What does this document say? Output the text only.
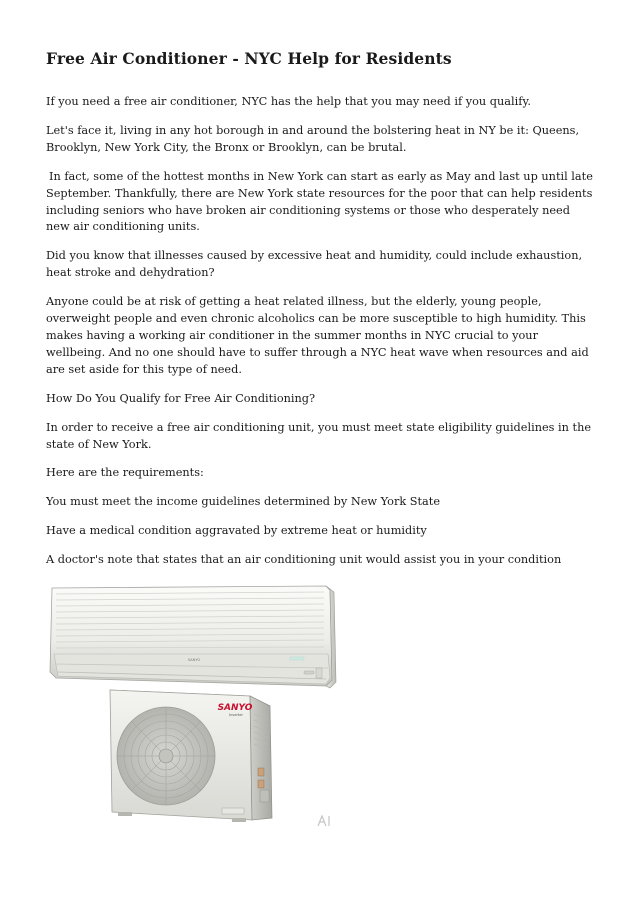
Free Air Conditioner - NYC Help for Residents

If you need a free air conditioner, NYC has the help that you may need if you qualify.

Let's face it, living in any hot borough in and around the bolstering heat in NY be it: Queens, Brooklyn, New York City, the Bronx or Brooklyn, can be brutal.

In fact, some of the hottest months in New York can start as early as May and last up until late September. Thankfully, there are New York state resources for the poor that can help residents including seniors who have broken air conditioning systems or those who desperately need new air conditioning units.

Did you know that illnesses caused by excessive heat and humidity, could include exhaustion, heat stroke and dehydration?

Anyone could be at risk of getting a heat related illness, but the elderly, young people, overweight people and even chronic alcoholics can be more susceptible to high humidity. This makes having a working air conditioner in the summer months in NYC crucial to your wellbeing. And no one should have to suffer through a NYC heat wave when resources and aid are set aside for this type of need.

How Do You Qualify for Free Air Conditioning?

In order to receive a free air conditioning unit, you must meet state eligibility guidelines in the state of New York.

Here are the requirements:

You must meet the income guidelines determined by New York State

Have a medical condition aggravated by extreme heat or humidity

A doctor's note that states that an air conditioning unit would assist you in your condition

SANYO
SANYO
Inverter
